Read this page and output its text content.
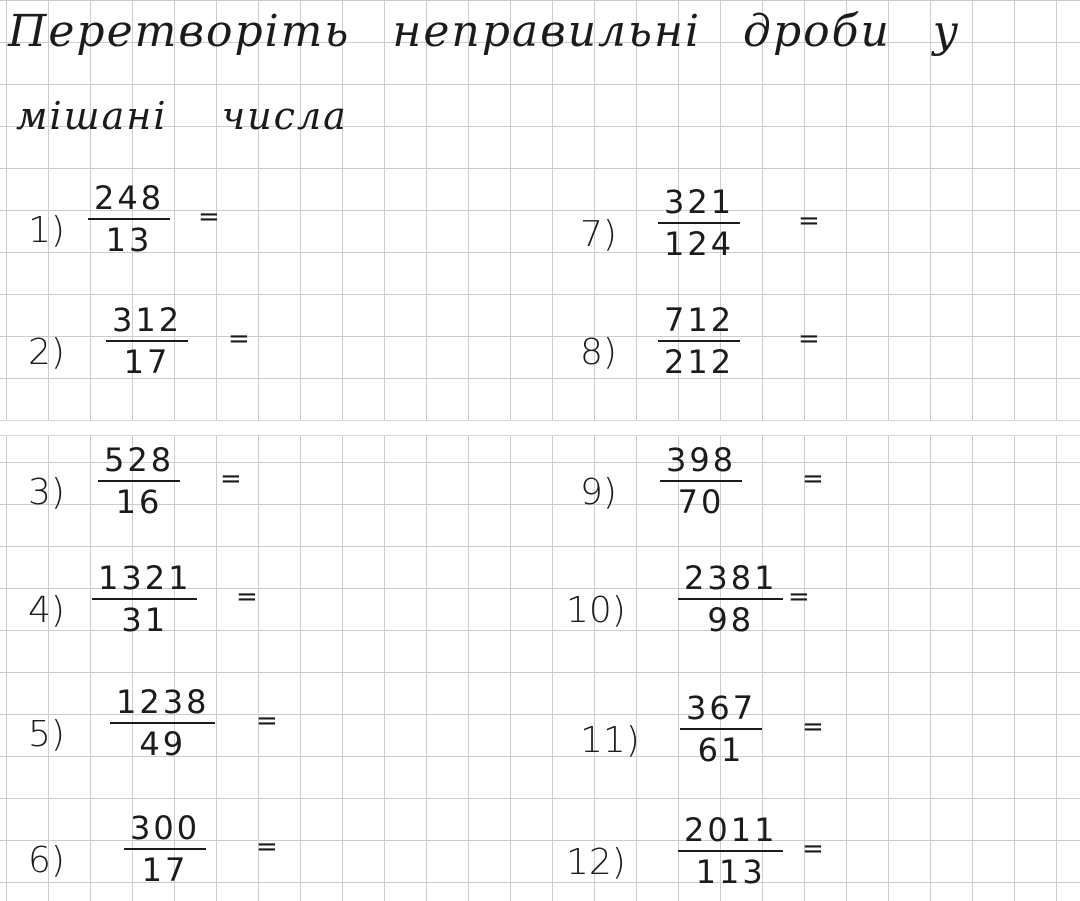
Перетворіть неправильні дроби у
мішані числа
1)
248
13
=
2)
312
17
=
3)
528
16
=
4)
1321
31
=
5)
1238
49
=
6)
300
17
=
7)
321
124
=
8)
712
212
=
9)
398
70
=
10)
2381
98
=
11)
367
61
=
12)
2011
113
=
